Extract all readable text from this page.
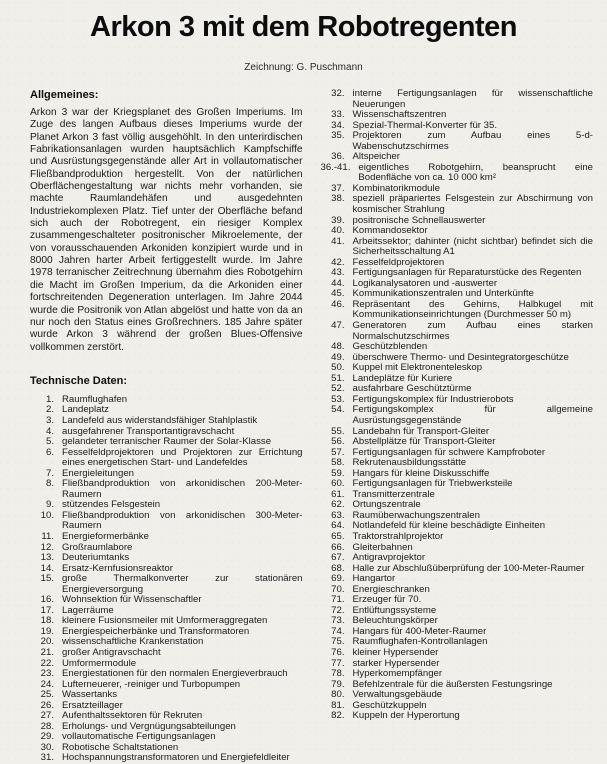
Arkon 3 mit dem Robotregenten
Zeichnung: G. Puschmann
Allgemeines:

Arkon 3 war der Kriegsplanet des Großen Imperiums. Im Zuge des langen Aufbaus dieses Imperiums wurde der Planet Arkon 3 fast völlig ausgehöhlt. In den unterirdischen Fabrikationsanlagen wurden hauptsächlich Kampfschiffe und Ausrüstungsgegenstände aller Art in vollautomatischer Fließbandproduktion hergestellt. Von der natürlichen Oberflächengestaltung war nichts mehr vorhanden, sie machte Raumlandehäfen und ausgedehnten Industriekomplexen Platz. Tief unter der Oberfläche befand sich auch der Robotregent, ein riesiger Komplex zusammengeschalteter positronischer Mikroelemente, der von vorausschauenden Arkoniden konzipiert wurde und in 8000 Jahren harter Arbeit fertiggestellt wurde. Im Jahre 1978 terranischer Zeitrechnung übernahm dies Robotgehirn die Macht im Großen Imperium, da die Arkoniden einer fortschreitenden Degeneration unterlagen. Im Jahre 2044 wurde die Positronik von Atlan abgelöst und hatte von da an nur noch den Status eines Großrechners. 185 Jahre später wurde Arkon 3 während der großen Blues-Offensive vollkommen zerstört.

Technische Daten:
1. Raumflughafen
2. Landeplatz
3. Landefeld aus widerstandsfähiger Stahlplastik
4. ausgefahrener Transportantigravschacht
5. gelandeter terranischer Raumer der Solar-Klasse
6. Fesselfeldprojektoren und Projektoren zur Errichtung eines energetischen Start- und Landefeldes
7. Energieleitungen
8. Fließbandproduktion von arkonidischen 200-Meter-Raumern
9. stützendes Felsgestein
10. Fließbandproduktion von arkonidischen 300-Meter-Raumern
11. Energieformerbänke
12. Großraumlabore
13. Deuteriumtanks
14. Ersatz-Kernfusionsreaktor
15. große Thermalkonverter zur stationären Energieversorgung
16. Wohnsektion für Wissenschaftler
17. Lagerräume
18. kleinere Fusionsmeiler mit Umformeraggregaten
19. Energiespeicherbänke und Transformatoren
20. wissenschaftliche Krankenstation
21. großer Antigravschacht
22. Umformermodule
23. Energiestationen für den normalen Energieverbrauch
24. Lufterneuerer, -reiniger und Turbopumpen
25. Wassertanks
26. Ersatzteillager
27. Aufenthaltssektoren für Rekruten
28. Erholungs- und Vergnügungsabteilungen
29. vollautomatische Fertigungsanlagen
30. Robotische Schaltstationen
31. Hochspannungstransformatoren und Energiefeldleiter
32. interne Fertigungsanlagen für wissenschaftliche Neuerungen
33. Wissenschaftszentren
34. Spezial-Thermal-Konverter für 35.
35. Projektoren zum Aufbau eines 5-d-Wabenschutzschirmes
36. Altspeicher
36.-41. eigentliches Robotgehirn, beansprucht eine Bodenfläche von ca. 10 000 km²
37. Kombinatorikmodule
38. speziell präpariertes Felsgestein zur Abschirmung von kosmischer Strahlung
39. positronische Schnellauswerter
40. Kommandosektor
41. Arbeitssektor; dahinter (nicht sichtbar) befindet sich die Sicherheitsschaltung A1
42. Fesselfeldprojektoren
43. Fertigungsanlagen für Reparaturstücke des Regenten
44. Logikanalysatoren und -auswerter
45. Kommunikationszentralen und Unterkünfte
46. Repräsentant des Gehirns, Halbkugel mit Kommunikationseinrichtungen (Durchmesser 50 m)
47. Generatoren zum Aufbau eines starken Normalschutzschirmes
48. Geschützblenden
49. überschwere Thermo- und Desintegratorgeschütze
50. Kuppel mit Elektronenteleskop
51. Landeplätze für Kuriere
52. ausfahrbare Geschütztürme
53. Fertigungskomplex für Industrierobots
54. Fertigungskomplex für allgemeine Ausrüstungsgegenstände
55. Landebahn für Transport-Gleiter
56. Abstellplätze für Transport-Gleiter
57. Fertigungsanlagen für schwere Kampfroboter
58. Rekrutenausbildungsstätte
59. Hangars für kleine Diskusschiffe
60. Fertigungsanlagen für Triebwerksteile
61. Transmitterzentrale
62. Ortungszentrale
63. Raumüberwachungszentralen
64. Notlandefeld für kleine beschädigte Einheiten
65. Traktorstrahlprojektor
66. Gleiterbahnen
67. Antigravprojektor
68. Halle zur Abschlußüberprüfung der 100-Meter-Raumer
69. Hangartor
70. Energieschranken
71. Erzeuger für 70.
72. Entlüftungssysteme
73. Beleuchtungskörper
74. Hangars für 400-Meter-Raumer
75. Raumflughafen-Kontrollanlagen
76. kleiner Hypersender
77. starker Hypersender
78. Hyperkomempfänger
79. Befehlzentrale für die äußersten Festungsringe
80. Verwaltungsgebäude
81. Geschützkuppeln
82. Kuppeln der Hyperortung
